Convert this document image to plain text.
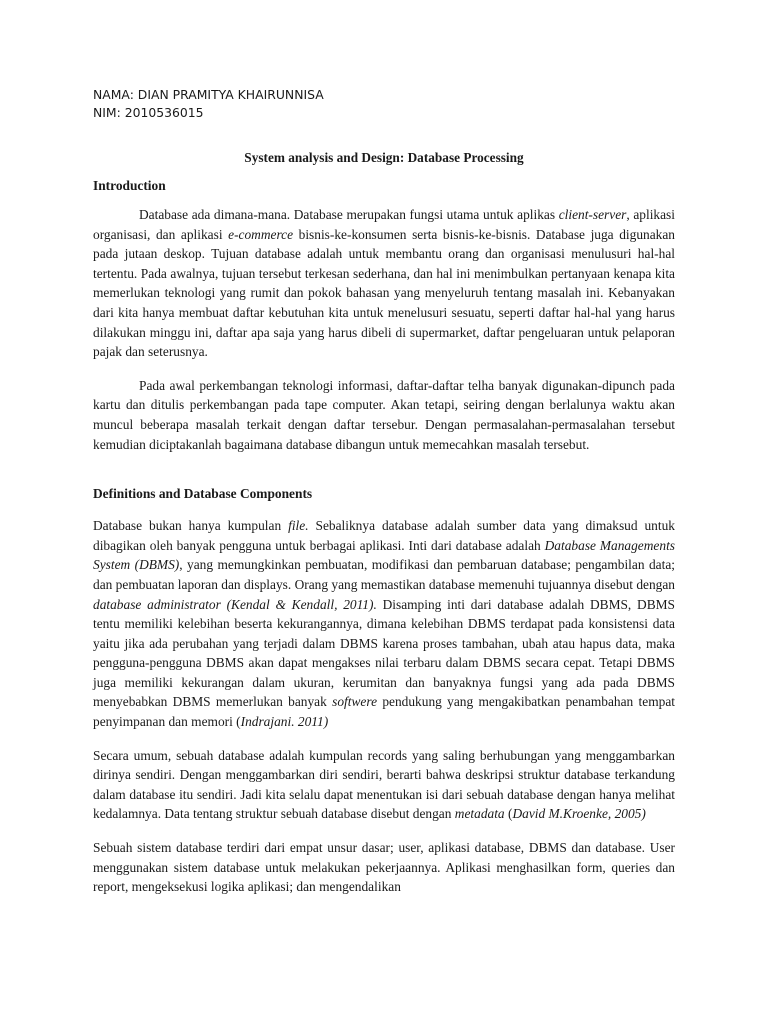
NAMA: DIAN PRAMITYA KHAIRUNNISA
NIM: 2010536015
System analysis and Design: Database Processing
Introduction

Database ada dimana-mana. Database merupakan fungsi utama untuk aplikas client-server, aplikasi organisasi, dan aplikasi e-commerce bisnis-ke-konsumen serta bisnis-ke-bisnis. Database juga digunakan pada jutaan deskop. Tujuan database adalah untuk membantu orang dan organisasi menulusuri hal-hal tertentu. Pada awalnya, tujuan tersebut terkesan sederhana, dan hal ini menimbulkan pertanyaan kenapa kita memerlukan teknologi yang rumit dan pokok bahasan yang menyeluruh tentang masalah ini. Kebanyakan dari kita hanya membuat daftar kebutuhan kita untuk menelusuri sesuatu, seperti daftar hal-hal yang harus dilakukan minggu ini, daftar apa saja yang harus dibeli di supermarket, daftar pengeluaran untuk pelaporan pajak dan seterusnya.

Pada awal perkembangan teknologi informasi, daftar-daftar telha banyak digunakan-dipunch pada kartu dan ditulis perkembangan pada tape computer. Akan tetapi, seiring dengan berlalunya waktu akan muncul beberapa masalah terkait dengan daftar tersebur. Dengan permasalahan-permasalahan tersebut kemudian diciptakanlah bagaimana database dibangun untuk memecahkan masalah tersebut.

Definitions and Database Components

Database bukan hanya kumpulan file. Sebaliknya database adalah sumber data yang dimaksud untuk dibagikan oleh banyak pengguna untuk berbagai aplikasi. Inti dari database adalah Database Managements System (DBMS), yang memungkinkan pembuatan, modifikasi dan pembaruan database; pengambilan data; dan pembuatan laporan dan displays. Orang yang memastikan database memenuhi tujuannya disebut dengan database administrator (Kendal & Kendall, 2011). Disamping inti dari database adalah DBMS, DBMS tentu memiliki kelebihan beserta kekurangannya, dimana kelebihan DBMS terdapat pada konsistensi data yaitu jika ada perubahan yang terjadi dalam DBMS karena proses tambahan, ubah atau hapus data, maka pengguna-pengguna DBMS akan dapat mengakses nilai terbaru dalam DBMS secara cepat. Tetapi DBMS juga memiliki kekurangan dalam ukuran, kerumitan dan banyaknya fungsi yang ada pada DBMS menyebabkan DBMS memerlukan banyak softwere pendukung yang mengakibatkan penambahan tempat penyimpanan dan memori (Indrajani. 2011)

Secara umum, sebuah database adalah kumpulan records yang saling berhubungan yang menggambarkan dirinya sendiri. Dengan menggambarkan diri sendiri, berarti bahwa deskripsi struktur database terkandung dalam database itu sendiri. Jadi kita selalu dapat menentukan isi dari sebuah database dengan hanya melihat kedalamnya. Data tentang struktur sebuah database disebut dengan metadata (David M.Kroenke, 2005)

Sebuah sistem database terdiri dari empat unsur dasar; user, aplikasi database, DBMS dan database. User menggunakan sistem database untuk melakukan pekerjaannya. Aplikasi menghasilkan form, queries dan report, mengeksekusi logika aplikasi; dan mengendalikan
